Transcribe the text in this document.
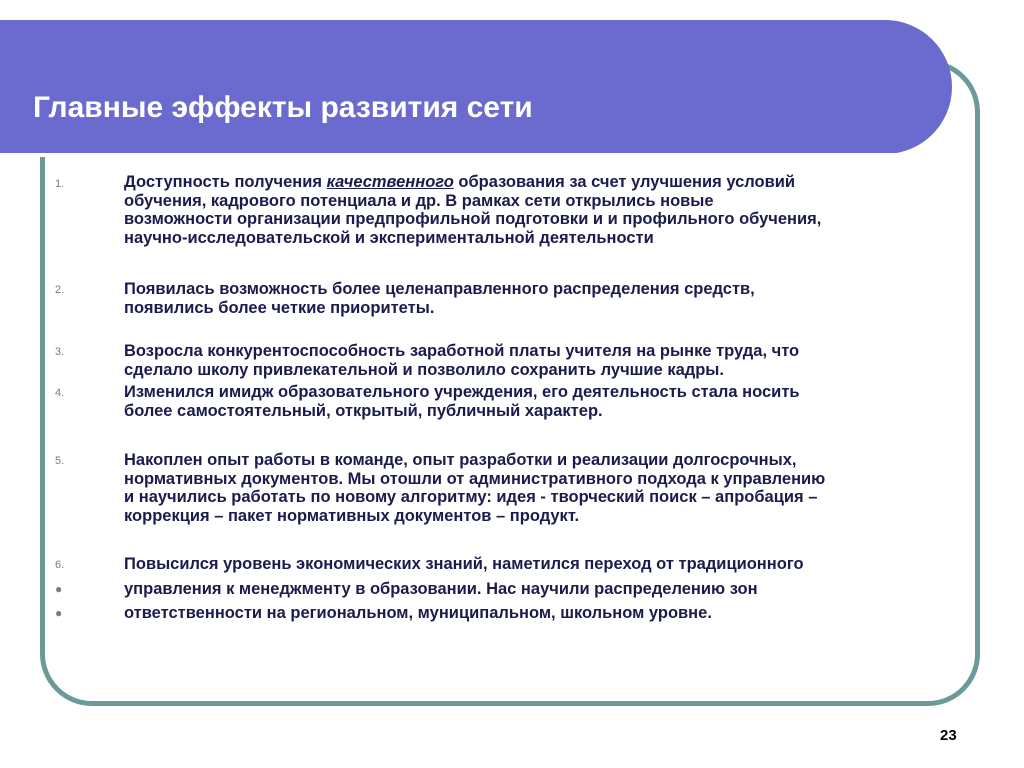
Главные эффекты развития сети
1.	Доступность получения качественного образования за счет улучшения условий
обучения, кадрового потенциала и др. В рамках сети открылись новые
возможности организации предпрофильной подготовки и и профильного обучения,
научно-исследовательской и экспериментальной деятельности
2.	Появилась возможность более целенаправленного распределения средств,
появились более четкие приоритеты.
3.	Возросла конкурентоспособность заработной платы учителя на рынке труда, что
сделало школу привлекательной и позволило сохранить лучшие кадры.
4.	Изменился имидж образовательного учреждения, его деятельность стала носить
более самостоятельный, открытый, публичный характер.
5.	Накоплен опыт работы в команде, опыт разработки и реализации долгосрочных,
нормативных документов. Мы отошли от административного подхода к управлению
и научились работать по новому алгоритму: идея - творческий поиск – апробация –
коррекция – пакет нормативных документов – продукт.
6.	Повысился уровень экономических знаний, наметился переход от традиционного
●	управления к менеджменту в образовании. Нас научили распределению зон
●	ответственности на региональном, муниципальном, школьном уровне.
23
